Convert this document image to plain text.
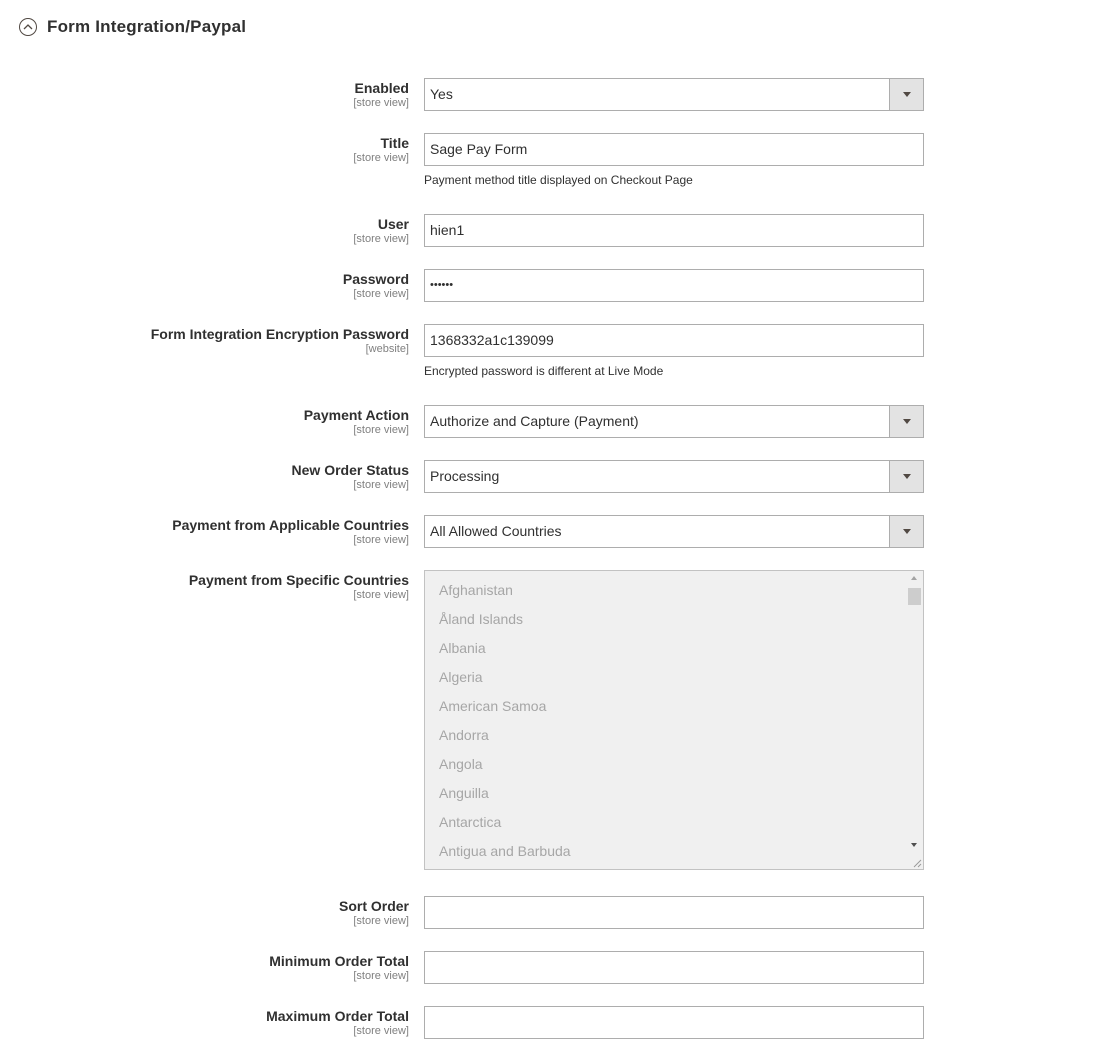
Form Integration/Paypal
Enabled
[store view]
Yes
Title
[store view]
Sage Pay Form
Payment method title displayed on Checkout Page
User
[store view]
hien1
Password
[store view]
••••••
Form Integration Encryption Password
[website]
1368332a1c139099
Encrypted password is different at Live Mode
Payment Action
[store view]
Authorize and Capture (Payment)
New Order Status
[store view]
Processing
Payment from Applicable Countries
[store view]
All Allowed Countries
Payment from Specific Countries
[store view] Afghanistan
Åland Islands
Albania
Algeria
American Samoa
Andorra
Angola
Anguilla
Antarctica
Antigua and Barbuda
Sort Order
[store view]
Minimum Order Total
[store view]
Maximum Order Total
[store view]
